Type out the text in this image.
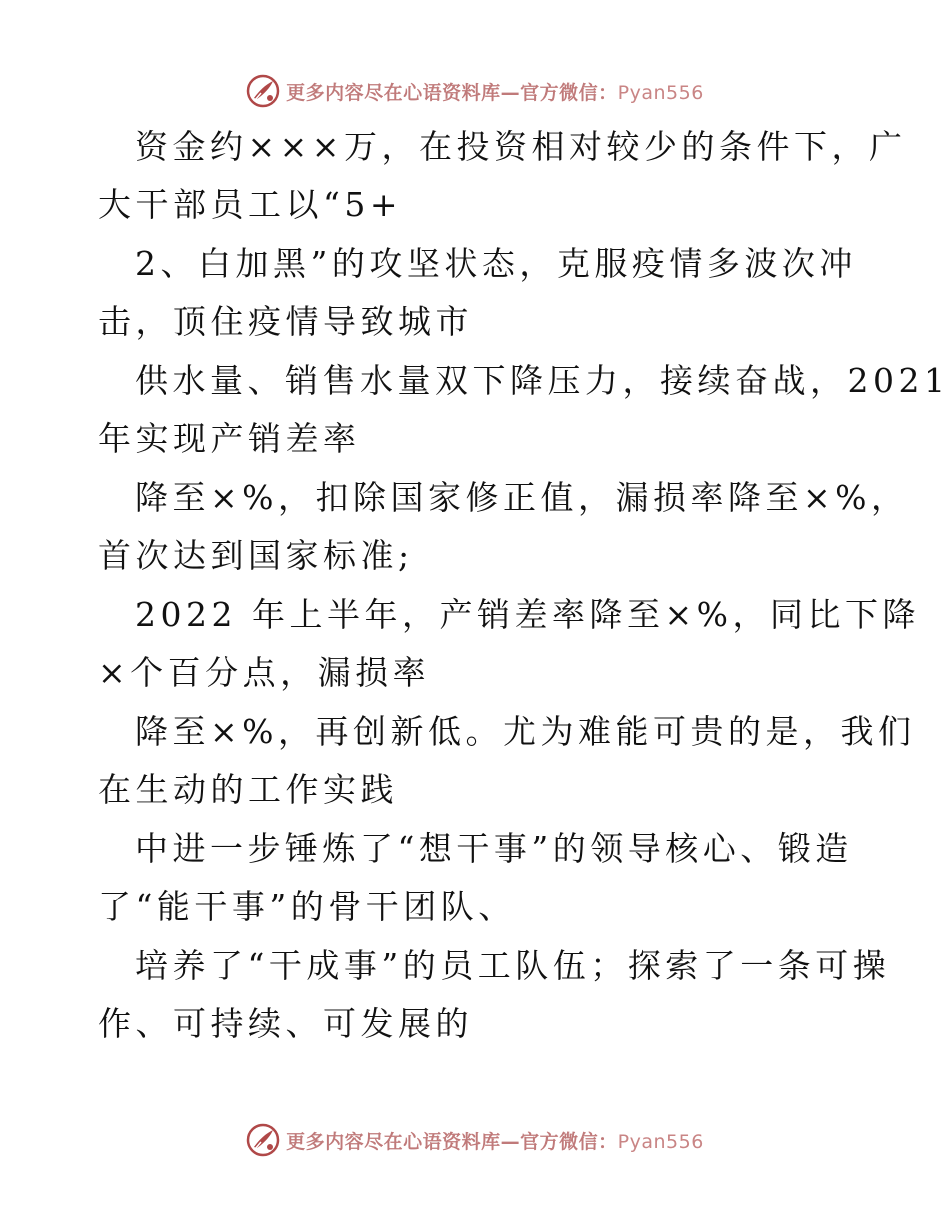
更多内容尽在心语资料库—官方微信：Pyan556
资金约×××万，在投资相对较少的条件下，广
大干部员工以“5+
2、白加黑”的攻坚状态，克服疫情多波次冲
击，顶住疫情导致城市
供水量、销售水量双下降压力，接续奋战，2021
年实现产销差率
降至×%，扣除国家修正值，漏损率降至×%，
首次达到国家标准;
2022 年上半年，产销差率降至×%，同比下降
×个百分点，漏损率
降至×%，再创新低。尤为难能可贵的是，我们
在生动的工作实践
中进一步锤炼了“想干事”的领导核心、锻造
了“能干事”的骨干团队、
培养了“干成事”的员工队伍；探索了一条可操
作、可持续、可发展的
更多内容尽在心语资料库—官方微信：Pyan556
